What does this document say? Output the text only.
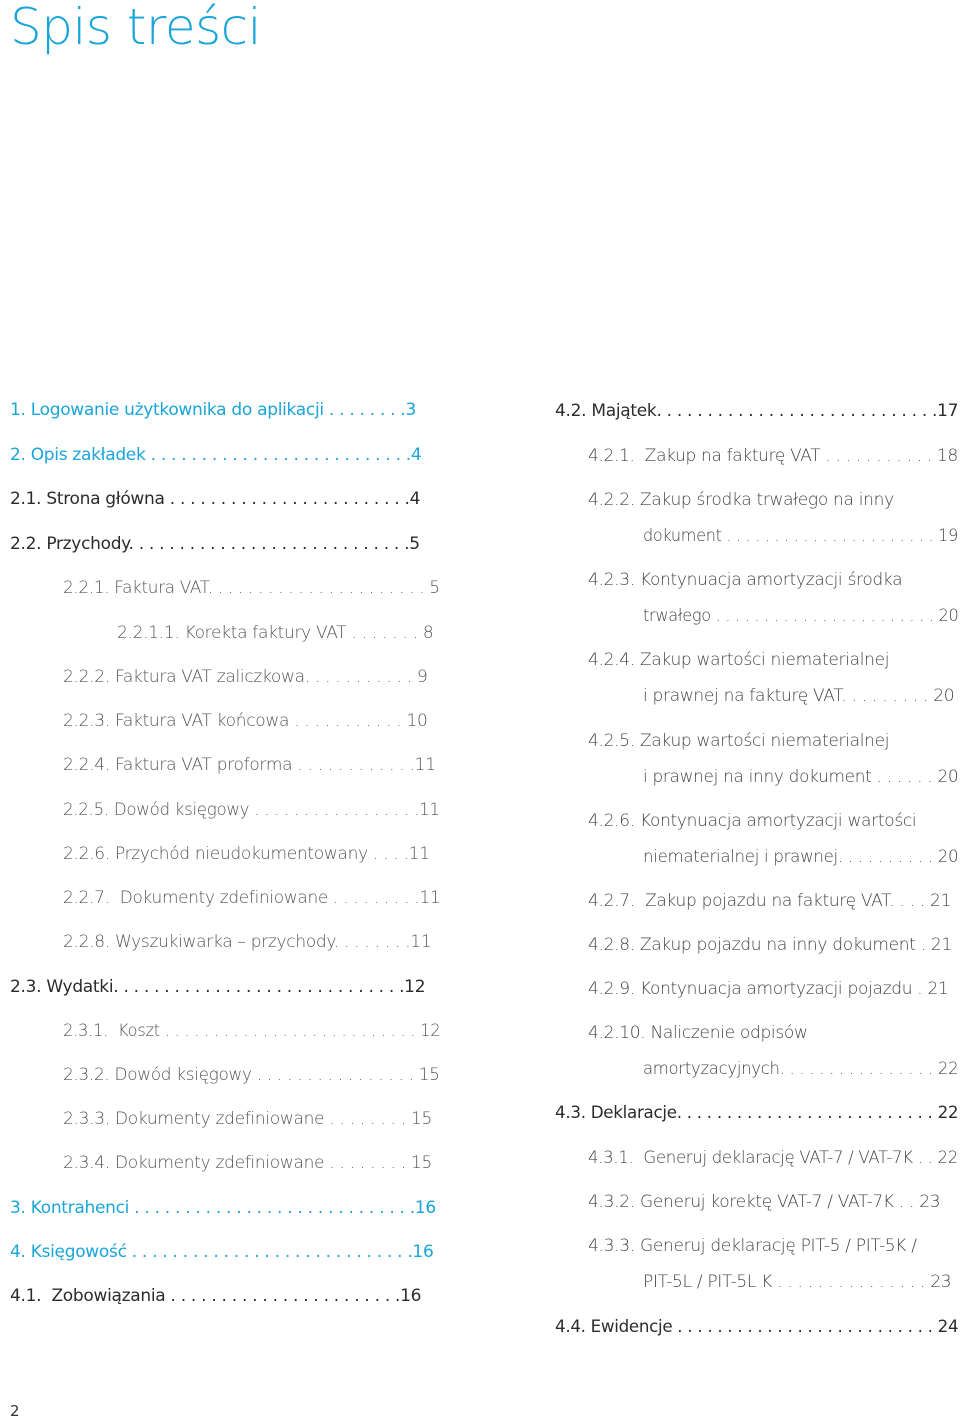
Spis treści
1. Logowanie użytkownika do aplikacji . . . . . . . .3
2. Opis zakładek . . . . . . . . . . . . . . . . . . . . . . . . . .4
2.1. Strona główna . . . . . . . . . . . . . . . . . . . . . . . .4
2.2. Przychody. . . . . . . . . . . . . . . . . . . . . . . . . . . .5
2.2.1. Faktura VAT. . . . . . . . . . . . . . . . . . . . . . 5
2.2.1.1. Korekta faktury VAT . . . . . . . 8
2.2.2. Faktura VAT zaliczkowa. . . . . . . . . . . 9
2.2.3. Faktura VAT końcowa . . . . . . . . . . . 10
2.2.4. Faktura VAT proforma . . . . . . . . . . . .11
2.2.5. Dowód księgowy . . . . . . . . . . . . . . . . .11
2.2.6. Przychód nieudokumentowany . . . .11
2.2.7.  Dokumenty zdefiniowane . . . . . . . . .11
2.2.8. Wyszukiwarka – przychody. . . . . . . .11
2.3. Wydatki. . . . . . . . . . . . . . . . . . . . . . . . . . . . .12
2.3.1.  Koszt . . . . . . . . . . . . . . . . . . . . . . . . . . 12
2.3.2. Dowód księgowy . . . . . . . . . . . . . . . . 15
2.3.3. Dokumenty zdefiniowane . . . . . . . . 15
2.3.4. Dokumenty zdefiniowane . . . . . . . . 15
3. Kontrahenci . . . . . . . . . . . . . . . . . . . . . . . . . . . .16
4. Księgowość . . . . . . . . . . . . . . . . . . . . . . . . . . . .16
4.1.  Zobowiązania . . . . . . . . . . . . . . . . . . . . . . .16
4.2. Majątek. . . . . . . . . . . . . . . . . . . . . . . . . . . .17
4.2.1.  Zakup na fakturę VAT . . . . . . . . . . . 18
4.2.2. Zakup środka trwałego na inny
dokument . . . . . . . . . . . . . . . . . . . . . . 19
4.2.3. Kontynuacja amortyzacji środka
trwałego . . . . . . . . . . . . . . . . . . . . . . . 20
4.2.4. Zakup wartości niematerialnej
i prawnej na fakturę VAT. . . . . . . . . 20
4.2.5. Zakup wartości niematerialnej
i prawnej na inny dokument . . . . . . 20
4.2.6. Kontynuacja amortyzacji wartości
niematerialnej i prawnej. . . . . . . . . . 20
4.2.7.  Zakup pojazdu na fakturę VAT. . . . 21
4.2.8. Zakup pojazdu na inny dokument . 21
4.2.9. Kontynuacja amortyzacji pojazdu . 21
4.2.10. Naliczenie odpisów
amortyzacyjnych. . . . . . . . . . . . . . . . 22
4.3. Deklaracje. . . . . . . . . . . . . . . . . . . . . . . . . . 22
4.3.1.  Generuj deklarację VAT-7 / VAT-7K . . 22
4.3.2. Generuj korektę VAT-7 / VAT-7K . . 23
4.3.3. Generuj deklarację PIT-5 / PIT-5K /
PIT-5L / PIT-5L K . . . . . . . . . . . . . . . 23
4.4. Ewidencje . . . . . . . . . . . . . . . . . . . . . . . . . . 24
2
